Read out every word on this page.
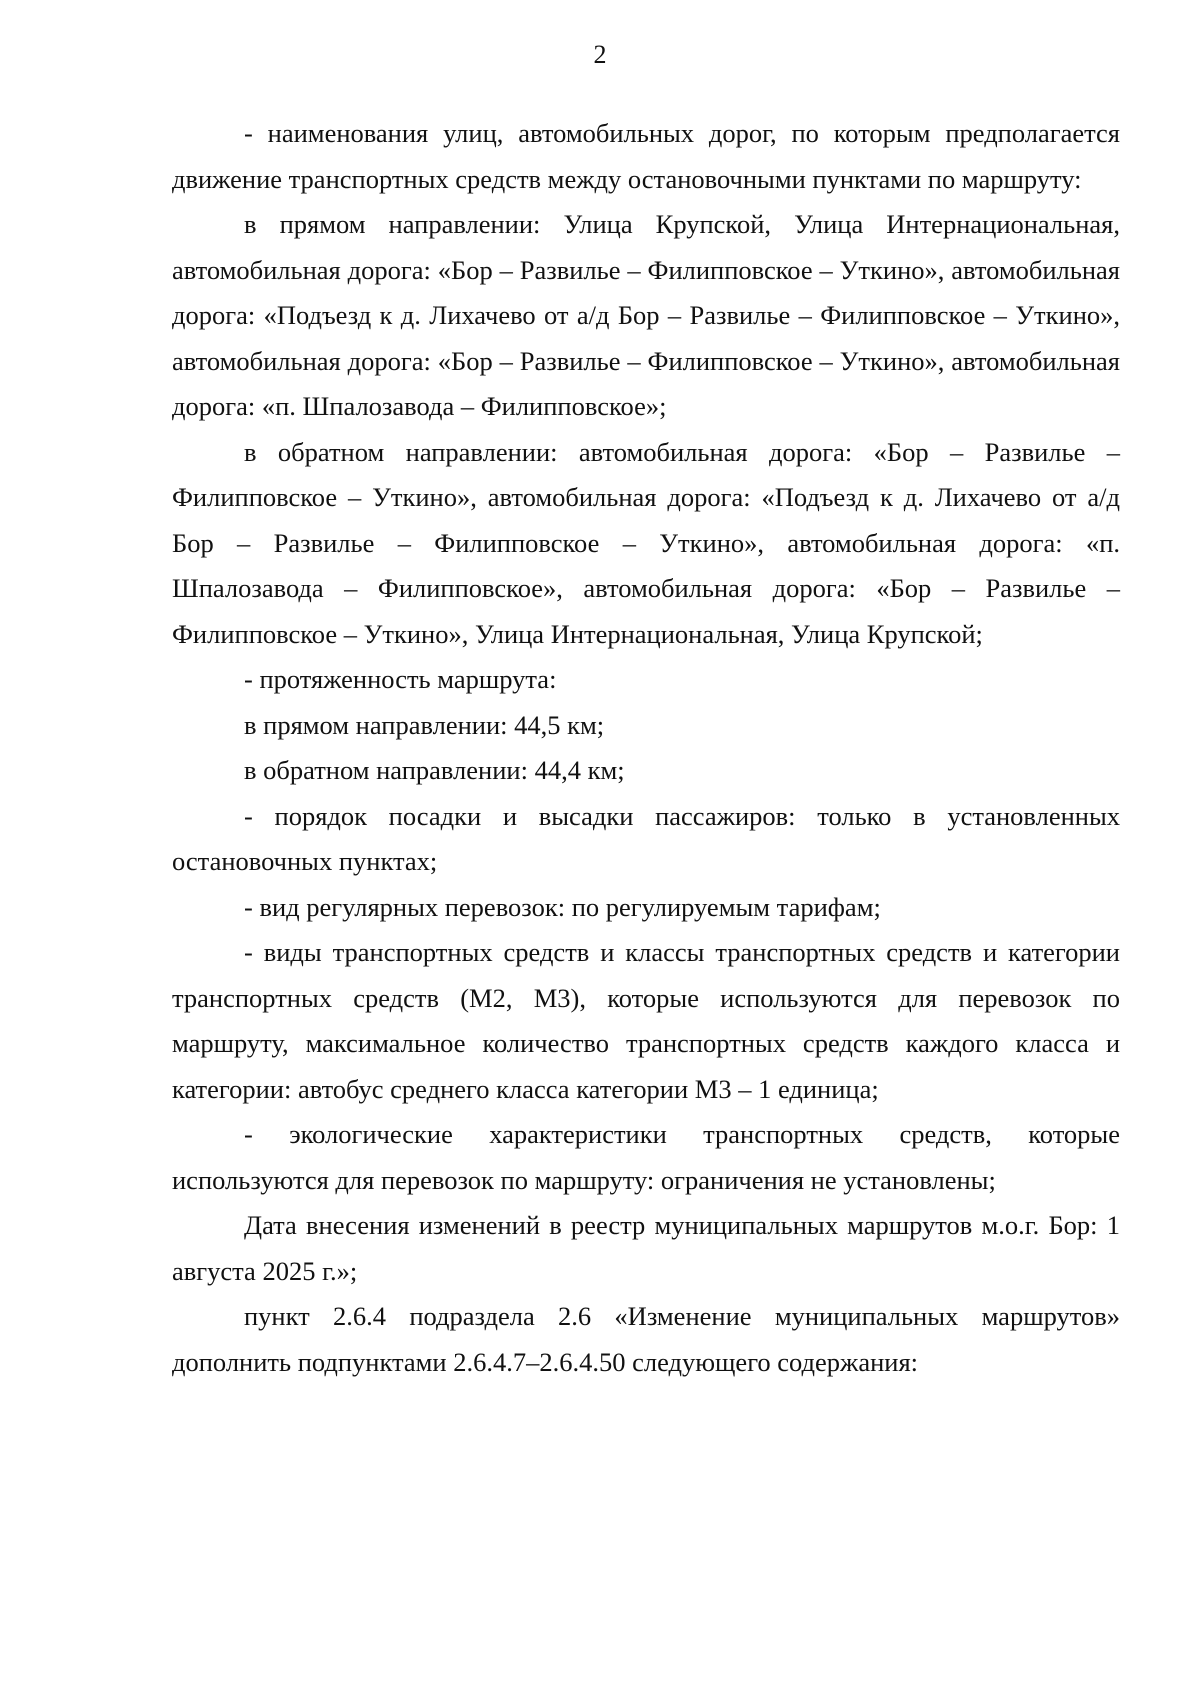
2

- наименования улиц, автомобильных дорог, по которым предполагается движение транспортных средств между остановочными пунктами по маршруту:

в прямом направлении: Улица Крупской, Улица Интернациональная, автомобильная дорога: «Бор – Развилье – Филипповское – Уткино», автомобильная дорога: «Подъезд к д. Лихачево от а/д Бор – Развилье – Филипповское – Уткино», автомобильная дорога: «Бор – Развилье – Филипповское – Уткино», автомобильная дорога: «п. Шпалозавода – Филипповское»;

в обратном направлении: автомобильная дорога: «Бор – Развилье – Филипповское – Уткино», автомобильная дорога: «Подъезд к д. Лихачево от а/д Бор – Развилье – Филипповское – Уткино», автомобильная дорога: «п. Шпалозавода – Филипповское», автомобильная дорога: «Бор – Развилье – Филипповское – Уткино», Улица Интернациональная, Улица Крупской;

- протяженность маршрута:

в прямом направлении: 44,5 км;

в обратном направлении: 44,4 км;

- порядок посадки и высадки пассажиров: только в установленных остановочных пунктах;

- вид регулярных перевозок: по регулируемым тарифам;

- виды транспортных средств и классы транспортных средств и категории транспортных средств (М2, М3), которые используются для перевозок по маршруту, максимальное количество транспортных средств каждого класса и категории: автобус среднего класса категории М3 – 1 единица;

- экологические характеристики транспортных средств, которые используются для перевозок по маршруту: ограничения не установлены;

Дата внесения изменений в реестр муниципальных маршрутов м.о.г. Бор: 1 августа 2025 г.»;

пункт 2.6.4 подраздела 2.6 «Изменение муниципальных маршрутов» дополнить подпунктами 2.6.4.7–2.6.4.50 следующего содержания:
